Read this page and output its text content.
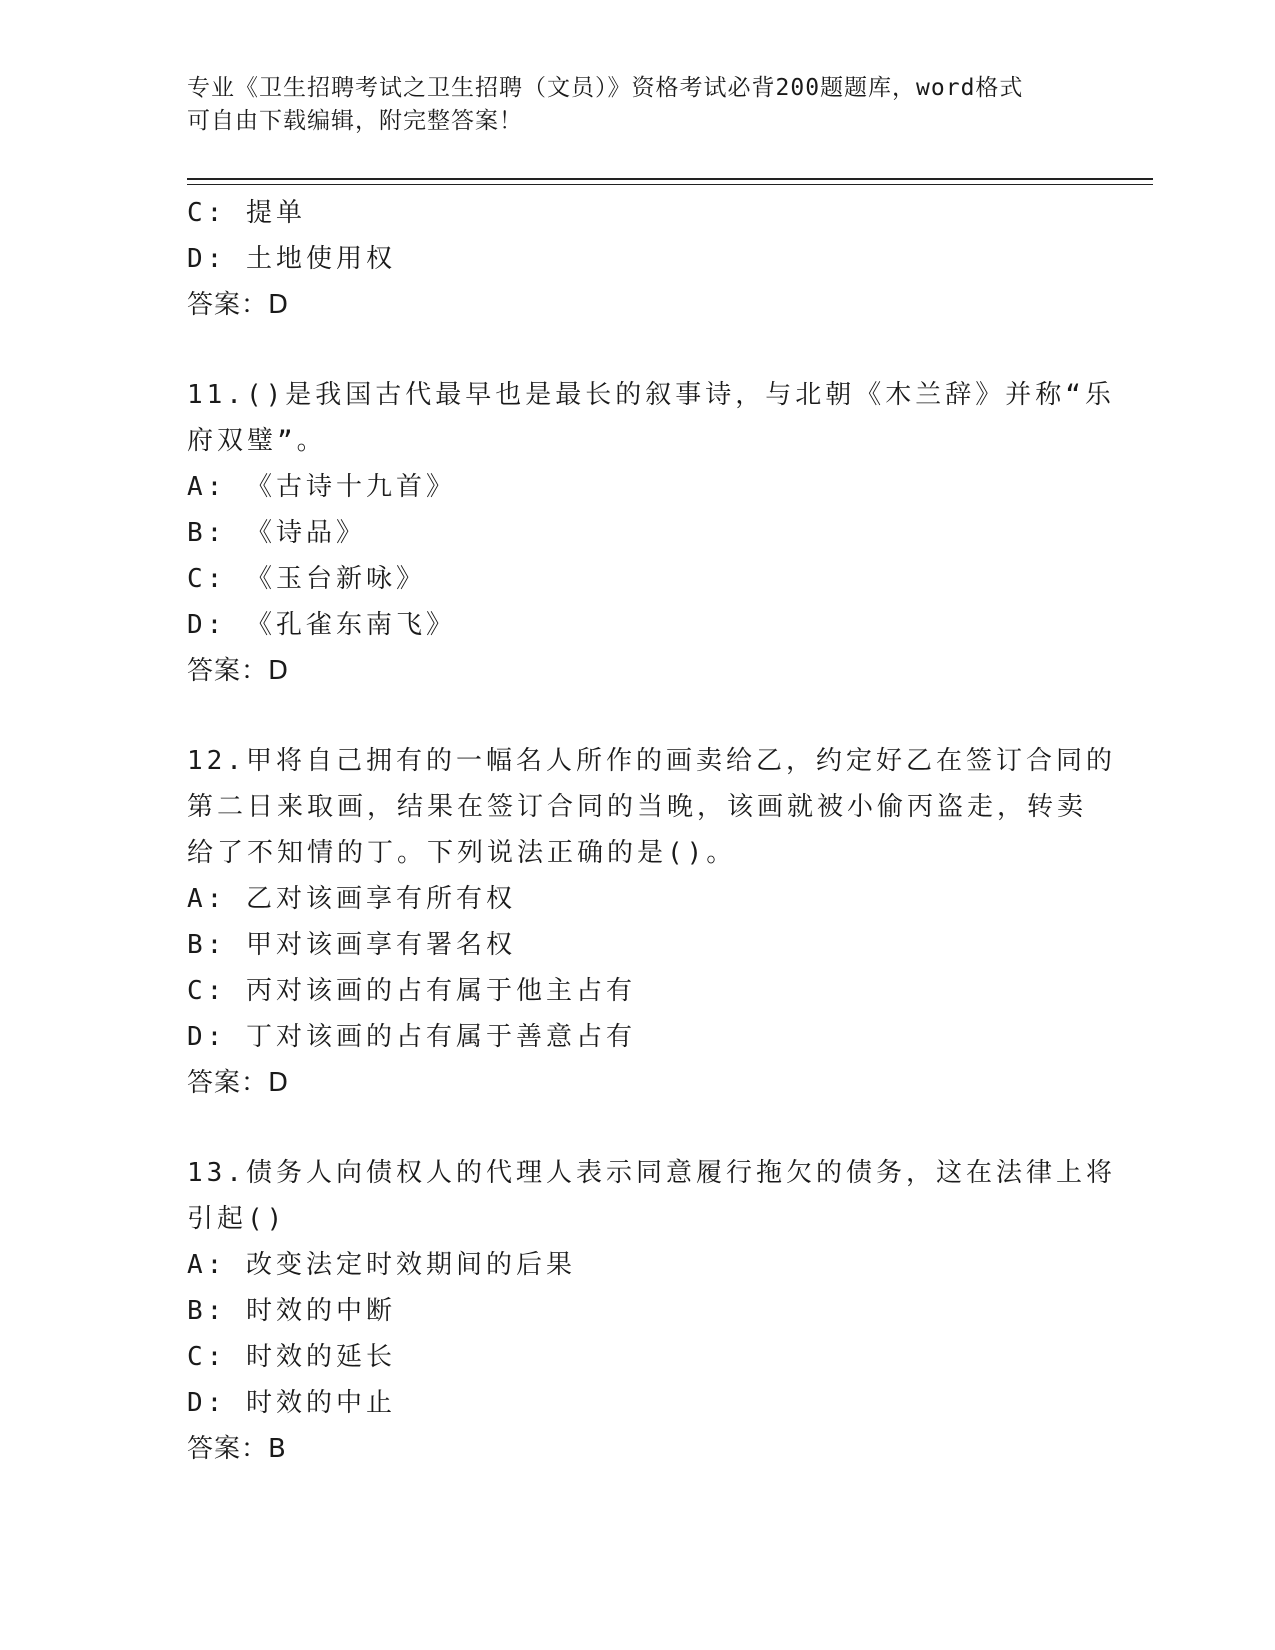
专业《卫生招聘考试之卫生招聘（文员）》资格考试必背200题题库，word格式
可自由下载编辑，附完整答案！
C: 提单
D: 土地使用权
答案：D
11.()是我国古代最早也是最长的叙事诗，与北朝《木兰辞》并称“乐
府双璧”。
A: 《古诗十九首》
B: 《诗品》
C: 《玉台新咏》
D: 《孔雀东南飞》
答案：D
12.甲将自己拥有的一幅名人所作的画卖给乙，约定好乙在签订合同的
第二日来取画，结果在签订合同的当晚，该画就被小偷丙盗走，转卖
给了不知情的丁。下列说法正确的是()。
A: 乙对该画享有所有权
B: 甲对该画享有署名权
C: 丙对该画的占有属于他主占有
D: 丁对该画的占有属于善意占有
答案：D
13.债务人向债权人的代理人表示同意履行拖欠的债务，这在法律上将
引起()
A: 改变法定时效期间的后果
B: 时效的中断
C: 时效的延长
D: 时效的中止
答案：B
